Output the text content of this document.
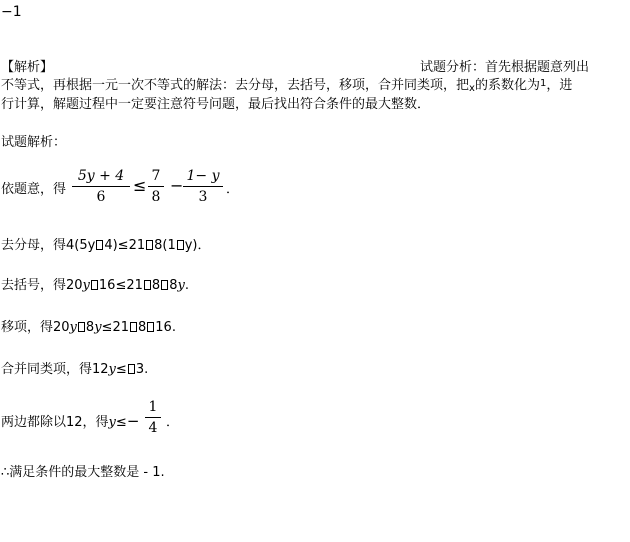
−1
【解析】	试题分析：首先根据题意列出
不等式，再根据一元一次不等式的解法：去分母，去括号，移项，合并同类项，把x的系数化为$^1$，进
行计算，解题过程中一定要注意符号问题，最后找出符合条件的最大整数．
试题解析：
依题意，得
5y + 4
6
≤ 7
8
− 1− y
3	．
去分母，得4(5y 4)≤21 8(1 y)．
去括号，得20y 16≤21 8 8y.
移项，得20y 8y≤21 8 16.
合并同类项，得12y≤ 3.
两边都除以12，得y≤−
1
4 ．
∴满足条件的最大整数是 - 1.
